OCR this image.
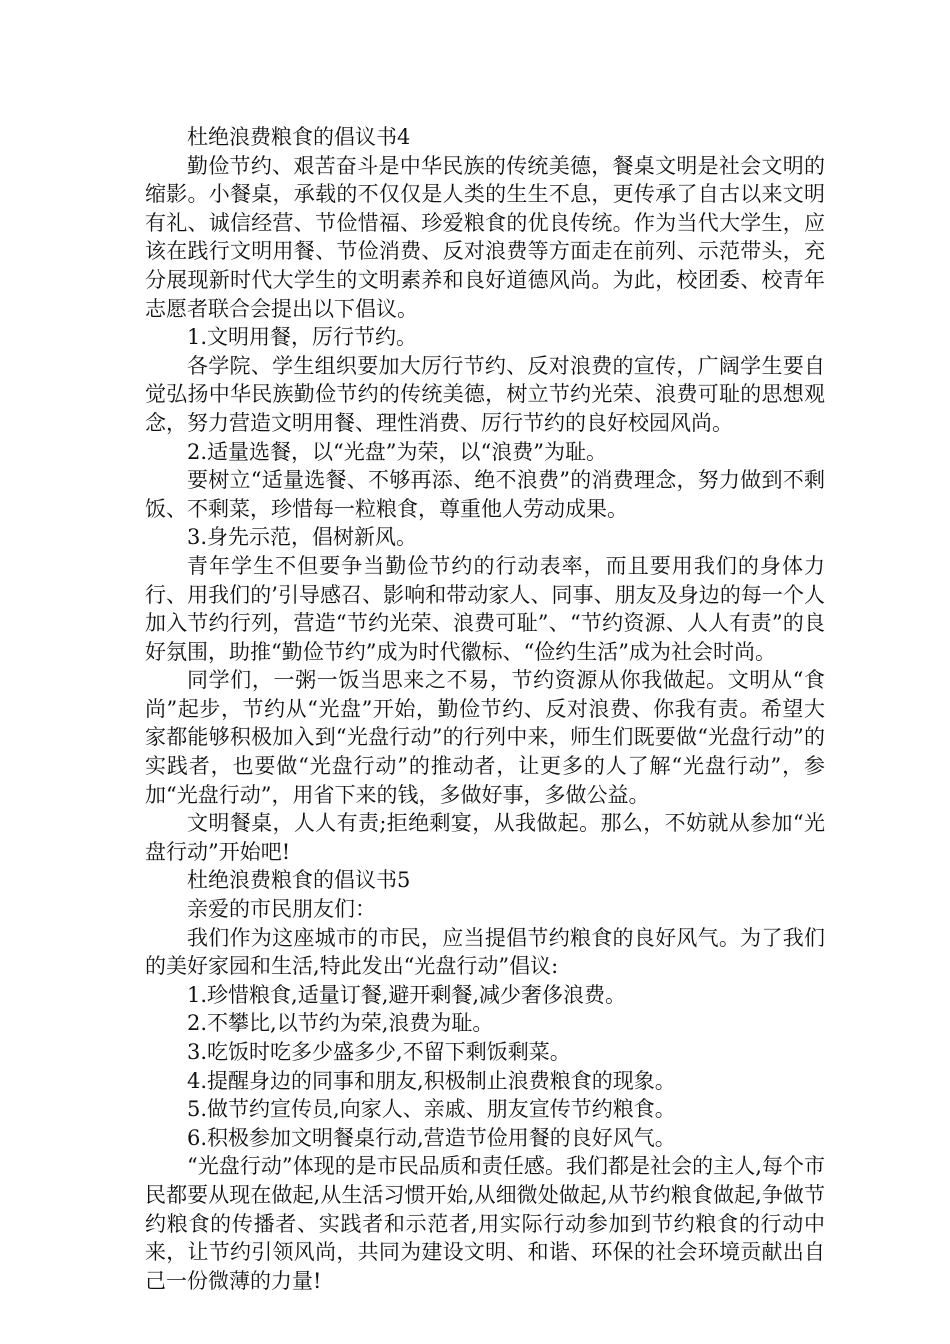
杜绝浪费粮食的倡议书4

勤俭节约、艰苦奋斗是中华民族的传统美德，餐桌文明是社会文明的缩影。小餐桌，承载的不仅仅是人类的生生不息，更传承了自古以来文明有礼、诚信经营、节俭惜福、珍爱粮食的优良传统。作为当代大学生，应该在践行文明用餐、节俭消费、反对浪费等方面走在前列、示范带头，充分展现新时代大学生的文明素养和良好道德风尚。为此，校团委、校青年志愿者联合会提出以下倡议。

1.文明用餐，厉行节约。

各学院、学生组织要加大厉行节约、反对浪费的宣传，广阔学生要自觉弘扬中华民族勤俭节约的传统美德，树立节约光荣、浪费可耻的思想观念，努力营造文明用餐、理性消费、厉行节约的良好校园风尚。

2.适量选餐，以“光盘”为荣，以“浪费”为耻。

要树立“适量选餐、不够再添、绝不浪费”的消费理念，努力做到不剩饭、不剩菜，珍惜每一粒粮食，尊重他人劳动成果。

3.身先示范，倡树新风。

青年学生不但要争当勤俭节约的行动表率，而且要用我们的身体力行、用我们的’引导感召、影响和带动家人、同事、朋友及身边的每一个人加入节约行列，营造“节约光荣、浪费可耻”、“节约资源、人人有责”的良好氛围，助推“勤俭节约”成为时代徽标、“俭约生活”成为社会时尚。

同学们，一粥一饭当思来之不易，节约资源从你我做起。文明从“食尚”起步，节约从“光盘”开始，勤俭节约、反对浪费、你我有责。希望大家都能够积极加入到“光盘行动”的行列中来，师生们既要做“光盘行动”的实践者，也要做“光盘行动”的推动者，让更多的人了解“光盘行动”，参加“光盘行动”，用省下来的钱，多做好事，多做公益。

文明餐桌，人人有责;拒绝剩宴，从我做起。那么，不妨就从参加“光盘行动”开始吧!

杜绝浪费粮食的倡议书5

亲爱的市民朋友们：

我们作为这座城市的市民，应当提倡节约粮食的良好风气。为了我们的美好家园和生活,特此发出“光盘行动”倡议:

1.珍惜粮食,适量订餐,避开剩餐,减少奢侈浪费。

2.不攀比,以节约为荣,浪费为耻。

3.吃饭时吃多少盛多少,不留下剩饭剩菜。

4.提醒身边的同事和朋友,积极制止浪费粮食的现象。

5.做节约宣传员,向家人、亲戚、朋友宣传节约粮食。

6.积极参加文明餐桌行动,营造节俭用餐的良好风气。

“光盘行动”体现的是市民品质和责任感。我们都是社会的主人,每个市民都要从现在做起,从生活习惯开始,从细微处做起,从节约粮食做起,争做节约粮食的传播者、实践者和示范者,用实际行动参加到节约粮食的行动中来，让节约引领风尚，共同为建设文明、和谐、环保的社会环境贡献出自己一份微薄的力量!
